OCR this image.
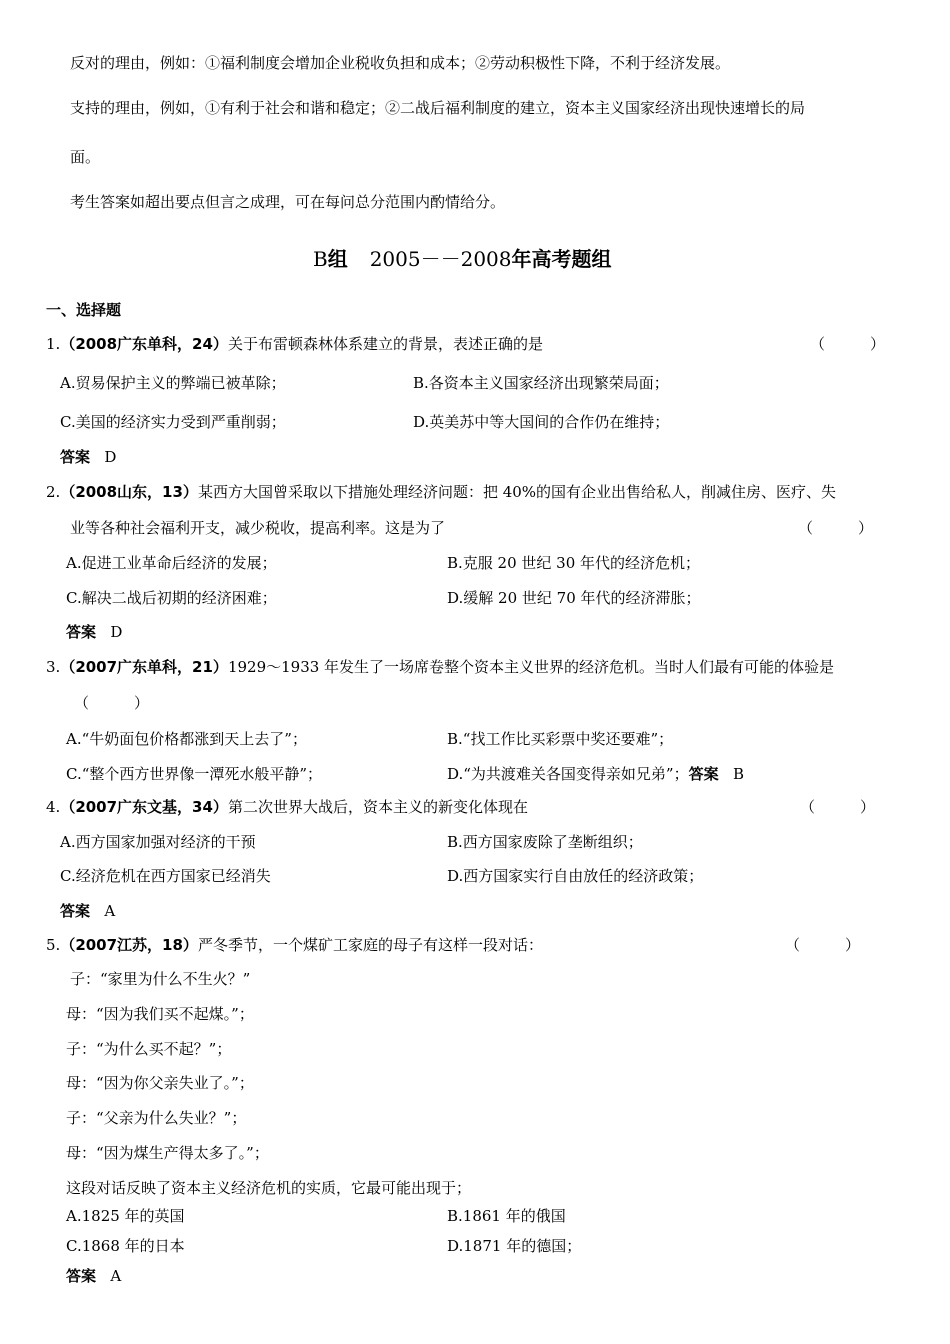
反对的理由，例如：①福利制度会增加企业税收负担和成本；②劳动积极性下降，不利于经济发展。
支持的理由，例如，①有利于社会和谐和稳定；②二战后福利制度的建立，资本主义国家经济出现快速增长的局
面。
考生答案如超出要点但言之成理，可在每问总分范围内酌情给分。
B组 2005－－2008年高考题组
一、选择题
1.（2008广东单科，24）关于布雷顿森林体系建立的背景，表述正确的是	（　　　）
A.贸易保护主义的弊端已被革除；	B.各资本主义国家经济出现繁荣局面；
C.美国的经济实力受到严重削弱；	D.英美苏中等大国间的合作仍在维持；
答案 D
2.（2008山东，13）某西方大国曾采取以下措施处理经济问题：把 40%的国有企业出售给私人，削减住房、医疗、失
业等各种社会福利开支，减少税收，提高利率。这是为了	（　　　）
A.促进工业革命后经济的发展；	B.克服 20 世纪 30 年代的经济危机；
C.解决二战后初期的经济困难；	D.缓解 20 世纪 70 年代的经济滞胀；
答案 D
3.（2007广东单科，21）1929～1933 年发生了一场席卷整个资本主义世界的经济危机。当时人们最有可能的体验是
（　　　）
A.“牛奶面包价格都涨到天上去了”；	B.“找工作比买彩票中奖还要难”；
C.“整个西方世界像一潭死水般平静”；	D.“为共渡难关各国变得亲如兄弟”；答案 B
4.（2007广东文基，34）第二次世界大战后，资本主义的新变化体现在	（　　　）
A.西方国家加强对经济的干预	B.西方国家废除了垄断组织；
C.经济危机在西方国家已经消失	D.西方国家实行自由放任的经济政策；
答案 A
5.（2007江苏，18）严冬季节，一个煤矿工家庭的母子有这样一段对话：	（　　　）
子：“家里为什么不生火？”
母：“因为我们买不起煤。”；
子：“为什么买不起？”；
母：“因为你父亲失业了。”；
子：“父亲为什么失业？”；
母：“因为煤生产得太多了。”；
这段对话反映了资本主义经济危机的实质，它最可能出现于；
A.1825 年的英国	B.1861 年的俄国
C.1868 年的日本	D.1871 年的德国；
答案 A
